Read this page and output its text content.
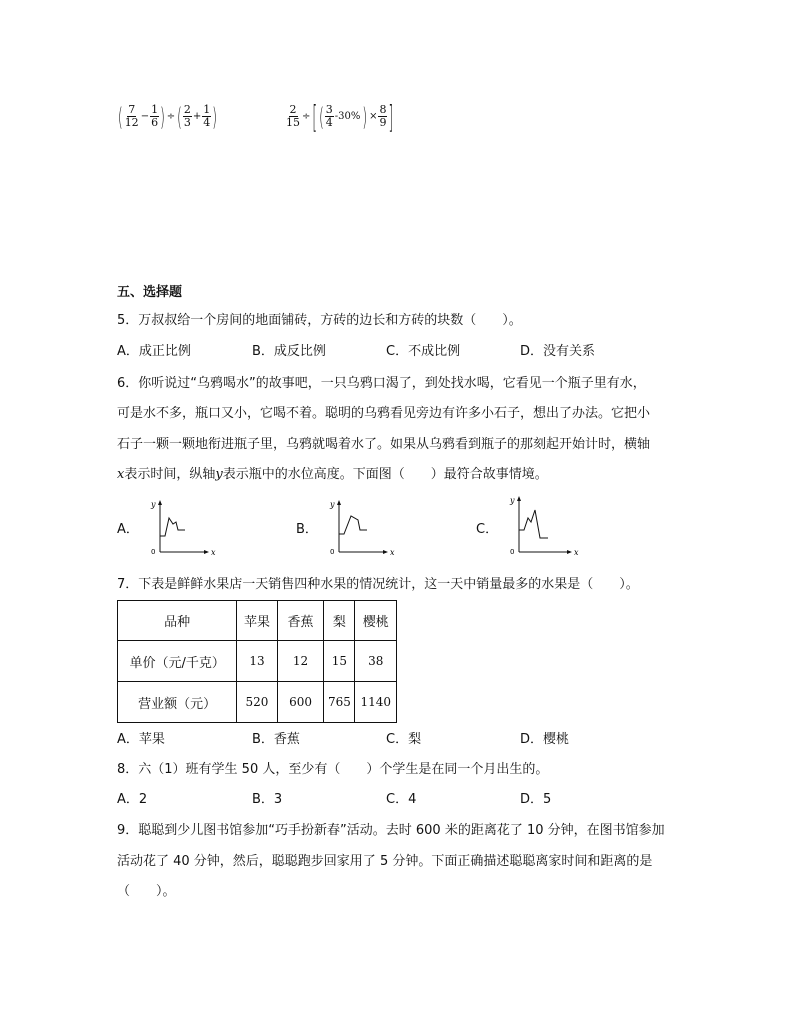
( $\frac{7}{12} - \frac{1}{6}$ ) ÷ ( $\frac{2}{3} + \frac{1}{4}$ )	$\frac{2}{15}$ ÷ [ ( $\frac{3}{4} -30\%$ ) × $\frac{8}{9}$ ]
五、选择题
5．万叔叔给一个房间的地面铺砖，方砖的边长和方砖的块数（　　）。
A．成正比例	B．成反比例	C．不成比例	D．没有关系
6．你听说过“乌鸦喝水”的故事吧，一只乌鸦口渴了，到处找水喝，它看见一个瓶子里有水，
可是水不多，瓶口又小，它喝不着。聪明的乌鸦看见旁边有许多小石子，想出了办法。它把小
石子一颗一颗地衔进瓶子里，乌鸦就喝着水了。如果从乌鸦看到瓶子的那刻起开始计时，横轴
x表示时间，纵轴y表示瓶中的水位高度。下面图（　　）最符合故事情境。
A．
y
0	x
B．
y
0	x
C．
y
0	x
7．下表是鲜鲜水果店一天销售四种水果的情况统计，这一天中销量最多的水果是（　　）。
品种	苹果	香蕉	梨	樱桃
单价（元/千克）	13	12	15	38
营业额（元）	520	600	765	1140
A．苹果	B．香蕉	C．梨	D．樱桃
8．六（1）班有学生 50 人，至少有（　　）个学生是在同一个月出生的。
A．2	B．3	C．4	D．5
9．聪聪到少儿图书馆参加“巧手扮新春”活动。去时 600 米的距离花了 10 分钟，在图书馆参加
活动花了 40 分钟，然后，聪聪跑步回家用了 5 分钟。下面正确描述聪聪离家时间和距离的是
（　　）。
